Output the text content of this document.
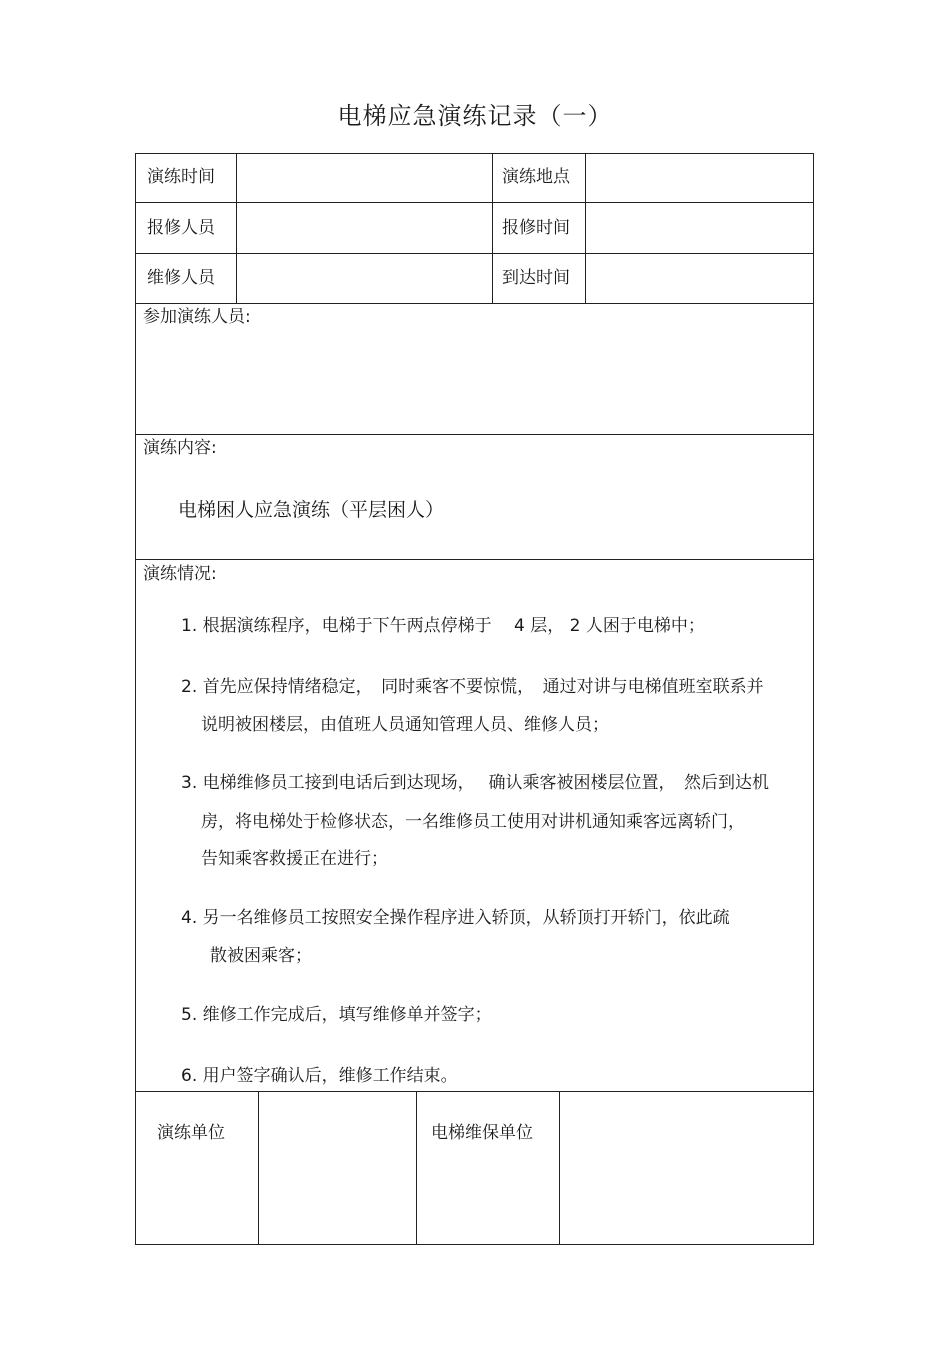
电梯应急演练记录（一）
演练时间	演练地点
报修人员	报修时间
维修人员	到达时间
参加演练人员:
演练内容:
电梯困人应急演练（平层困人）
演练情况:
1. 根据演练程序，电梯于下午两点停梯于　 4 层， 2 人困于电梯中；
2. 首先应保持情绪稳定，　同时乘客不要惊慌，　通过对讲与电梯值班室联系并
说明被困楼层，由值班人员通知管理人员、维修人员；
3. 电梯维修员工接到电话后到达现场，　 确认乘客被困楼层位置，　然后到达机
房，将电梯处于检修状态，一名维修员工使用对讲机通知乘客远离轿门，
告知乘客救援正在进行；
4. 另一名维修员工按照安全操作程序进入轿顶，从轿顶打开轿门，依此疏
散被困乘客；
5. 维修工作完成后，填写维修单并签字；
6. 用户签字确认后，维修工作结束。
演练单位	电梯维保单位
